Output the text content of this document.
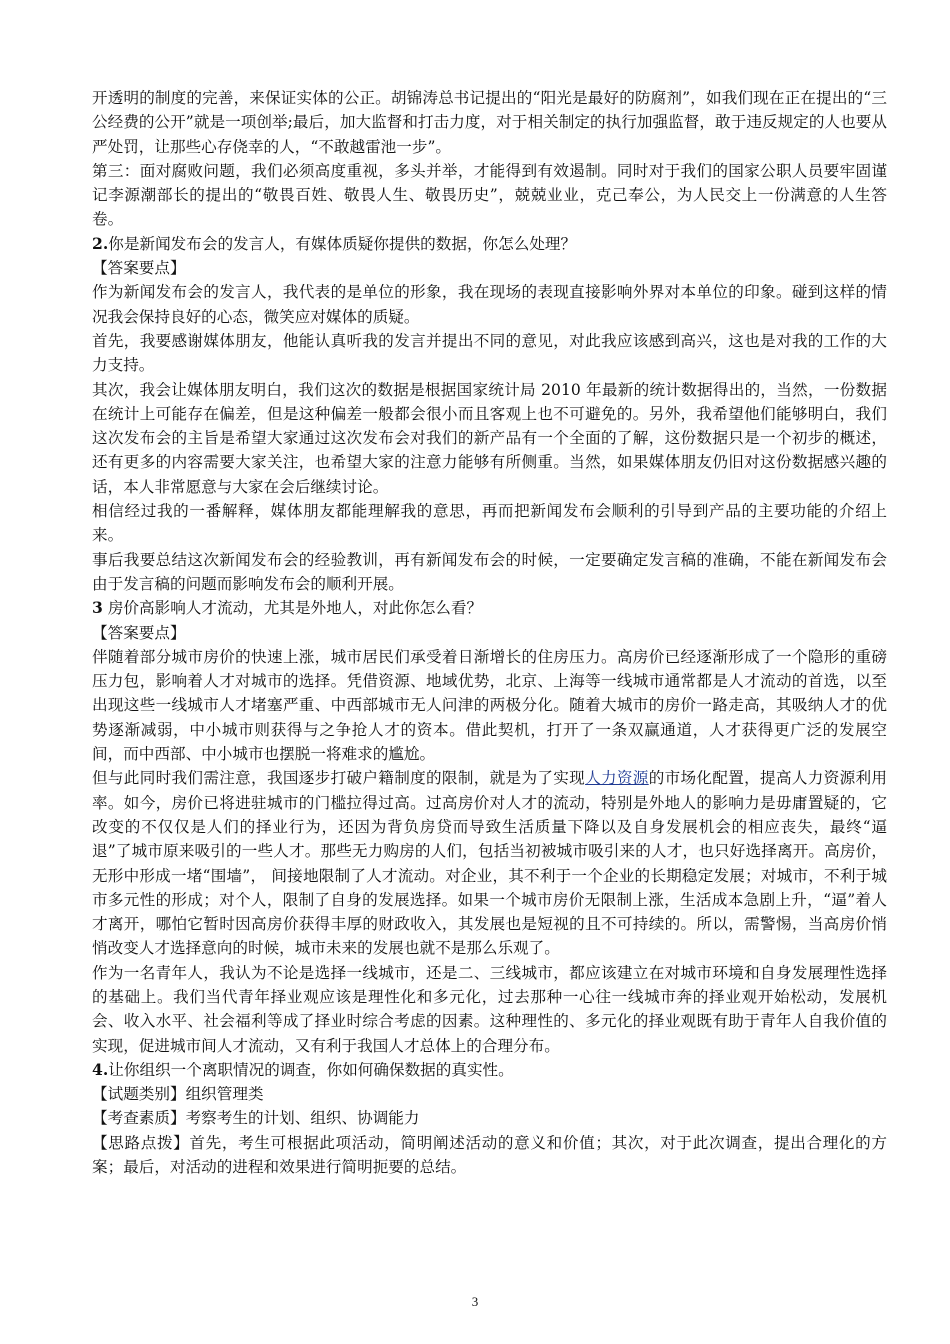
开透明的制度的完善，来保证实体的公正。胡锦涛总书记提出的“阳光是最好的防腐剂”，如我们现在正在提出的“三公经费的公开”就是一项创举;最后，加大监督和打击力度，对于相关制定的执行加强监督，敢于违反规定的人也要从严处罚，让那些心存侥幸的人，“不敢越雷池一步”。

第三：面对腐败问题，我们必须高度重视，多头并举，才能得到有效遏制。同时对于我们的国家公职人员要牢固谨记李源潮部长的提出的“敬畏百姓、敬畏人生、敬畏历史”，兢兢业业，克己奉公，为人民交上一份满意的人生答卷。

2.你是新闻发布会的发言人，有媒体质疑你提供的数据，你怎么处理？

【答案要点】

作为新闻发布会的发言人，我代表的是单位的形象，我在现场的表现直接影响外界对本单位的印象。碰到这样的情况我会保持良好的心态，微笑应对媒体的质疑。

首先，我要感谢媒体朋友，他能认真听我的发言并提出不同的意见，对此我应该感到高兴，这也是对我的工作的大力支持。

其次，我会让媒体朋友明白，我们这次的数据是根据国家统计局 2010 年最新的统计数据得出的，当然，一份数据在统计上可能存在偏差，但是这种偏差一般都会很小而且客观上也不可避免的。另外，我希望他们能够明白，我们这次发布会的主旨是希望大家通过这次发布会对我们的新产品有一个全面的了解，这份数据只是一个初步的概述，还有更多的内容需要大家关注，也希望大家的注意力能够有所侧重。当然，如果媒体朋友仍旧对这份数据感兴趣的话，本人非常愿意与大家在会后继续讨论。

相信经过我的一番解释，媒体朋友都能理解我的意思，再而把新闻发布会顺利的引导到产品的主要功能的介绍上来。

事后我要总结这次新闻发布会的经验教训，再有新闻发布会的时候，一定要确定发言稿的准确，不能在新闻发布会由于发言稿的问题而影响发布会的顺利开展。

3 房价高影响人才流动，尤其是外地人，对此你怎么看？

【答案要点】

伴随着部分城市房价的快速上涨，城市居民们承受着日渐增长的住房压力。高房价已经逐渐形成了一个隐形的重磅压力包，影响着人才对城市的选择。凭借资源、地域优势，北京、上海等一线城市通常都是人才流动的首选，以至出现这些一线城市人才堵塞严重、中西部城市无人问津的两极分化。随着大城市的房价一路走高，其吸纳人才的优势逐渐减弱，中小城市则获得与之争抢人才的资本。借此契机，打开了一条双赢通道，人才获得更广泛的发展空间，而中西部、中小城市也摆脱一将难求的尴尬。

但与此同时我们需注意，我国逐步打破户籍制度的限制，就是为了实现人力资源的市场化配置，提高人力资源利用率。如今，房价已将进驻城市的门槛拉得过高。过高房价对人才的流动，特别是外地人的影响力是毋庸置疑的，它改变的不仅仅是人们的择业行为，还因为背负房贷而导致生活质量下降以及自身发展机会的相应丧失，最终“逼退”了城市原来吸引的一些人才。那些无力购房的人们，包括当初被城市吸引来的人才，也只好选择离开。高房价，无形中形成一堵“围墙”， 间接地限制了人才流动。对企业，其不利于一个企业的长期稳定发展；对城市，不利于城市多元性的形成；对个人，限制了自身的发展选择。如果一个城市房价无限制上涨，生活成本急剧上升，“逼”着人才离开，哪怕它暂时因高房价获得丰厚的财政收入，其发展也是短视的且不可持续的。所以，需警惕，当高房价悄悄改变人才选择意向的时候，城市未来的发展也就不是那么乐观了。

作为一名青年人，我认为不论是选择一线城市，还是二、三线城市，都应该建立在对城市环境和自身发展理性选择的基础上。我们当代青年择业观应该是理性化和多元化，过去那种一心往一线城市奔的择业观开始松动，发展机会、收入水平、社会福利等成了择业时综合考虑的因素。这种理性的、多元化的择业观既有助于青年人自我价值的实现，促进城市间人才流动，又有利于我国人才总体上的合理分布。

4.让你组织一个离职情况的调查，你如何确保数据的真实性。

【试题类别】组织管理类

【考查素质】考察考生的计划、组织、协调能力

【思路点拨】首先，考生可根据此项活动，简明阐述活动的意义和价值；其次，对于此次调查，提出合理化的方案；最后，对活动的进程和效果进行简明扼要的总结。

3
